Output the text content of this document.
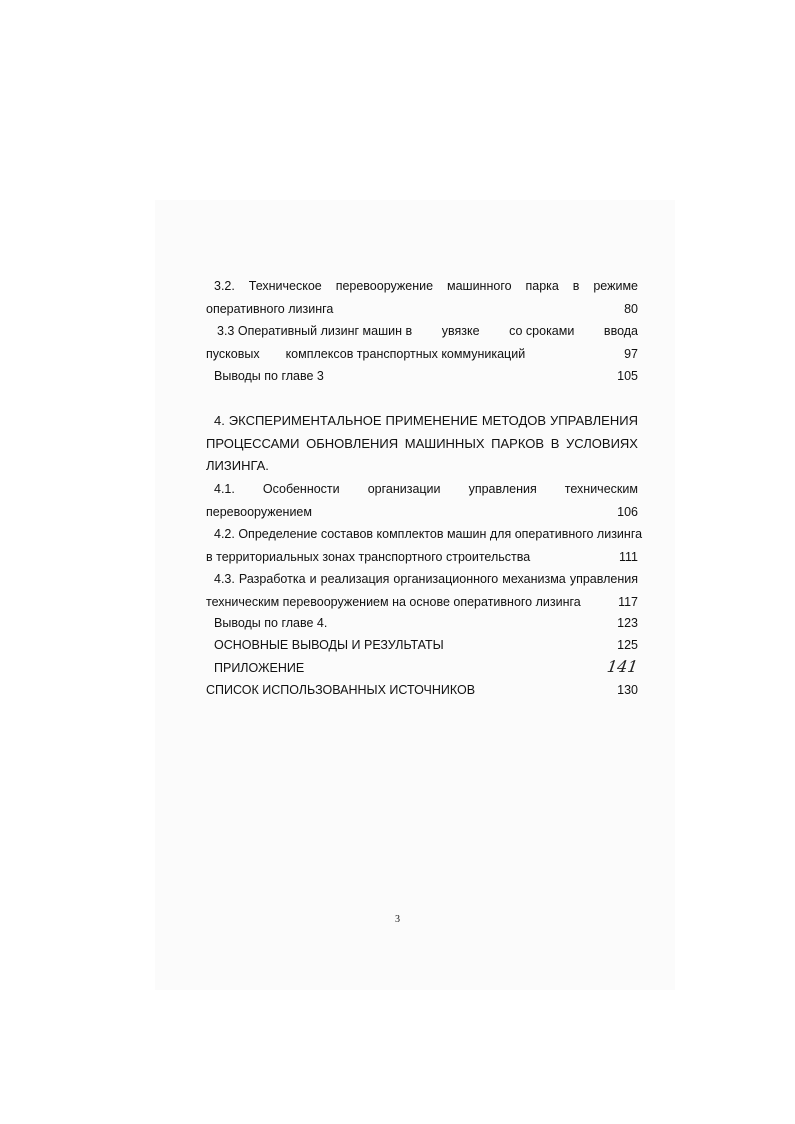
3.2. Техническое перевооружение машинного парка в режиме
оперативного лизинга	80
3.3 Оперативный лизинг машин в увязке со сроками ввода
пусковых комплексов транспортных коммуникаций	97
Выводы по главе 3	105
4. ЭКСПЕРИМЕНТАЛЬНОЕ ПРИМЕНЕНИЕ МЕТОДОВ УПРАВЛЕНИЯ
ПРОЦЕССАМИ ОБНОВЛЕНИЯ МАШИННЫХ ПАРКОВ В УСЛОВИЯХ
ЛИЗИНГА.
4.1. Особенности организации управления техническим
перевооружением	106
4.2. Определение составов комплектов машин для оперативного лизинга
в территориальных зонах транспортного строительства	111
4.3. Разработка и реализация организационного механизма управления
техническим перевооружением на основе оперативного лизинга	117
Выводы по главе 4.	123
ОСНОВНЫЕ ВЫВОДЫ И РЕЗУЛЬТАТЫ	125
ПРИЛОЖЕНИЕ	141
СПИСОК ИСПОЛЬЗОВАННЫХ ИСТОЧНИКОВ	130
3
